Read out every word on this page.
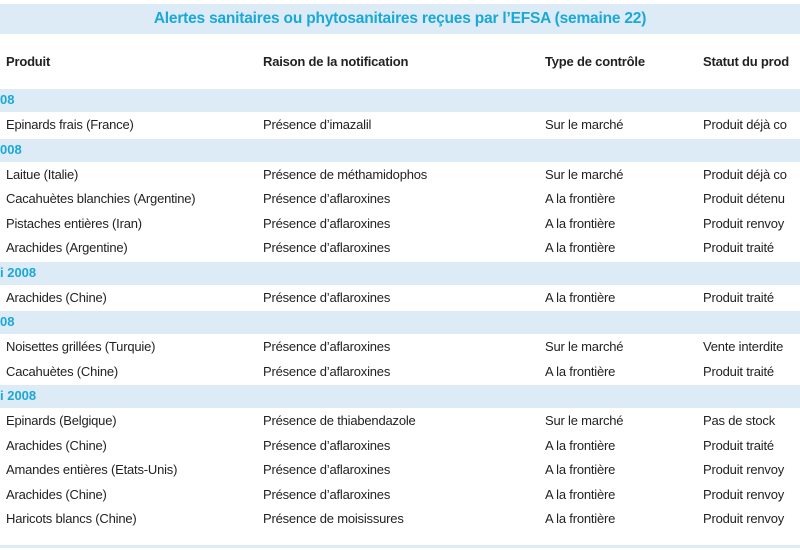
Alertes sanitaires ou phytosanitaires reçues par l’EFSA (semaine 22)
Produit	Raison de la notification	Type de contrôle	Statut du prod
08
Epinards frais (France)	Présence d’imazalil	Sur le marché	Produit déjà co
008
Laitue (Italie)	Présence de méthamidophos	Sur le marché	Produit déjà co
Cacahuètes blanchies (Argentine)	Présence d’aflaroxines	A la frontière	Produit détenu
Pistaches entières (Iran)	Présence d’aflaroxines	A la frontière	Produit renvoy
Arachides (Argentine)	Présence d’aflaroxines	A la frontière	Produit traité
i 2008
Arachides (Chine)	Présence d’aflaroxines	A la frontière	Produit traité
08
Noisettes grillées (Turquie)	Présence d’aflaroxines	Sur le marché	Vente interdite
Cacahuètes (Chine)	Présence d’aflaroxines	A la frontière	Produit traité
i 2008
Epinards (Belgique)	Présence de thiabendazole	Sur le marché	Pas de stock
Arachides (Chine)	Présence d’aflaroxines	A la frontière	Produit traité
Amandes entières (Etats-Unis)	Présence d’aflaroxines	A la frontière	Produit renvoy
Arachides (Chine)	Présence d’aflaroxines	A la frontière	Produit renvoy
Haricots blancs (Chine)	Présence de moisissures	A la frontière	Produit renvoy
